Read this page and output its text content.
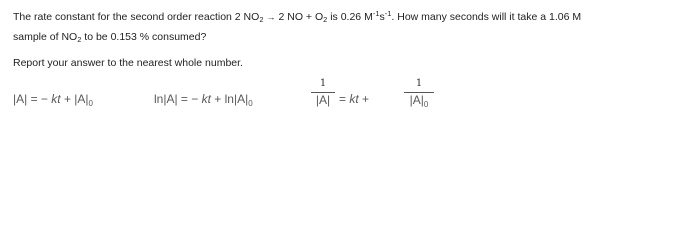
The rate constant for the second order reaction 2 $NO_2 \to 2$ NO + $O_2$ is 0.26 $M^{-1}s^{-1}$. How many seconds will it take a 1.06 M
sample of $NO_2$ to be 0.153 % consumed?
Report your answer to the nearest whole number.
|A| = − kt + $|A|_0$	ln|A| = − kt + $\ln|A|_0$
1
|A| = kt +
1
$|A|_0$
